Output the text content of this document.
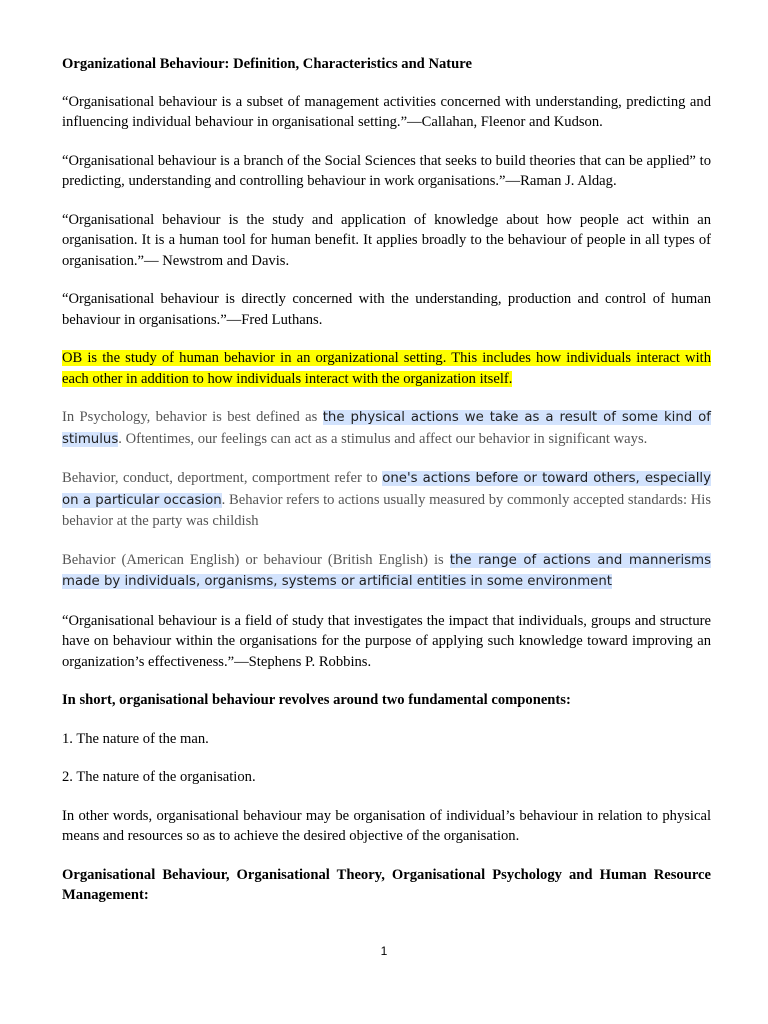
Organizational Behaviour: Definition, Characteristics and Nature

“Organisational behaviour is a subset of management activities concerned with understanding, predicting and influencing individual behaviour in organisational setting.”—Callahan, Fleenor and Kudson.

“Organisational behaviour is a branch of the Social Sciences that seeks to build theories that can be applied” to predicting, understanding and controlling behaviour in work organisations.”—Raman J. Aldag.

“Organisational behaviour is the study and application of knowledge about how people act within an organisation. It is a human tool for human benefit. It applies broadly to the behaviour of people in all types of organisation.”— Newstrom and Davis.

“Organisational behaviour is directly concerned with the understanding, production and control of human behaviour in organisations.”—Fred Luthans.

OB is the study of human behavior in an organizational setting. This includes how individuals interact with each other in addition to how individuals interact with the organization itself.

In Psychology, behavior is best defined as the physical actions we take as a result of some kind of stimulus. Oftentimes, our feelings can act as a stimulus and affect our behavior in significant ways.

Behavior, conduct, deportment, comportment refer to one's actions before or toward others, especially on a particular occasion. Behavior refers to actions usually measured by commonly accepted standards: His behavior at the party was childish

Behavior (American English) or behaviour (British English) is the range of actions and mannerisms made by individuals, organisms, systems or artificial entities in some environment

“Organisational behaviour is a field of study that investigates the impact that individuals, groups and structure have on behaviour within the organisations for the purpose of applying such knowledge toward improving an organization’s effectiveness.”—Stephens P. Robbins.

In short, organisational behaviour revolves around two fundamental components:

1. The nature of the man.

2. The nature of the organisation.

In other words, organisational behaviour may be organisation of individual’s behaviour in relation to physical means and resources so as to achieve the desired objective of the organisation.

Organisational Behaviour, Organisational Theory, Organisational Psychology and Human Resource Management:

1
